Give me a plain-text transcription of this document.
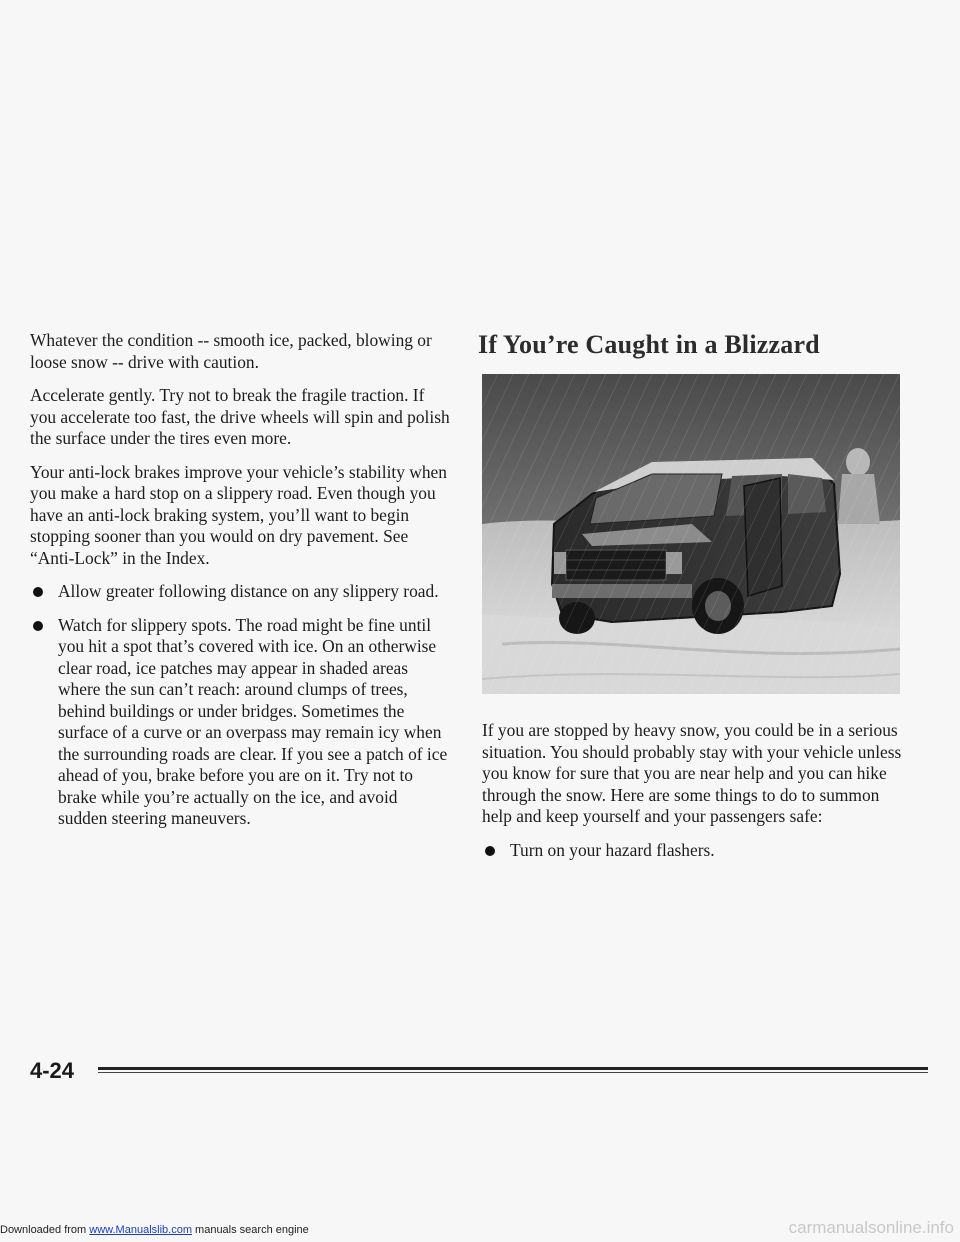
Whatever the condition -- smooth ice, packed, blowing or loose snow -- drive with caution.

Accelerate gently. Try not to break the fragile traction. If you accelerate too fast, the drive wheels will spin and polish the surface under the tires even more.

Your anti-lock brakes improve your vehicle’s stability when you make a hard stop on a slippery road. Even though you have an anti-lock braking system, you’ll want to begin stopping sooner than you would on dry pavement. See “Anti-Lock” in the Index.

Allow greater following distance on any slippery road.
Watch for slippery spots. The road might be fine until you hit a spot that’s covered with ice. On an otherwise clear road, ice patches may appear in shaded areas where the sun can’t reach: around clumps of trees, behind buildings or under bridges. Sometimes the surface of a curve or an overpass may remain icy when the surrounding roads are clear. If you see a patch of ice ahead of you, brake before you are on it. Try not to brake while you’re actually on the ice, and avoid sudden steering maneuvers.
If You’re Caught in a Blizzard

If you are stopped by heavy snow, you could be in a serious situation. You should probably stay with your vehicle unless you know for sure that you are near help and you can hike through the snow. Here are some things to do to summon help and keep yourself and your passengers safe:

Turn on your hazard flashers.
4-24
Downloaded from www.Manualslib.com manuals search engine	carmanualsonline.info
